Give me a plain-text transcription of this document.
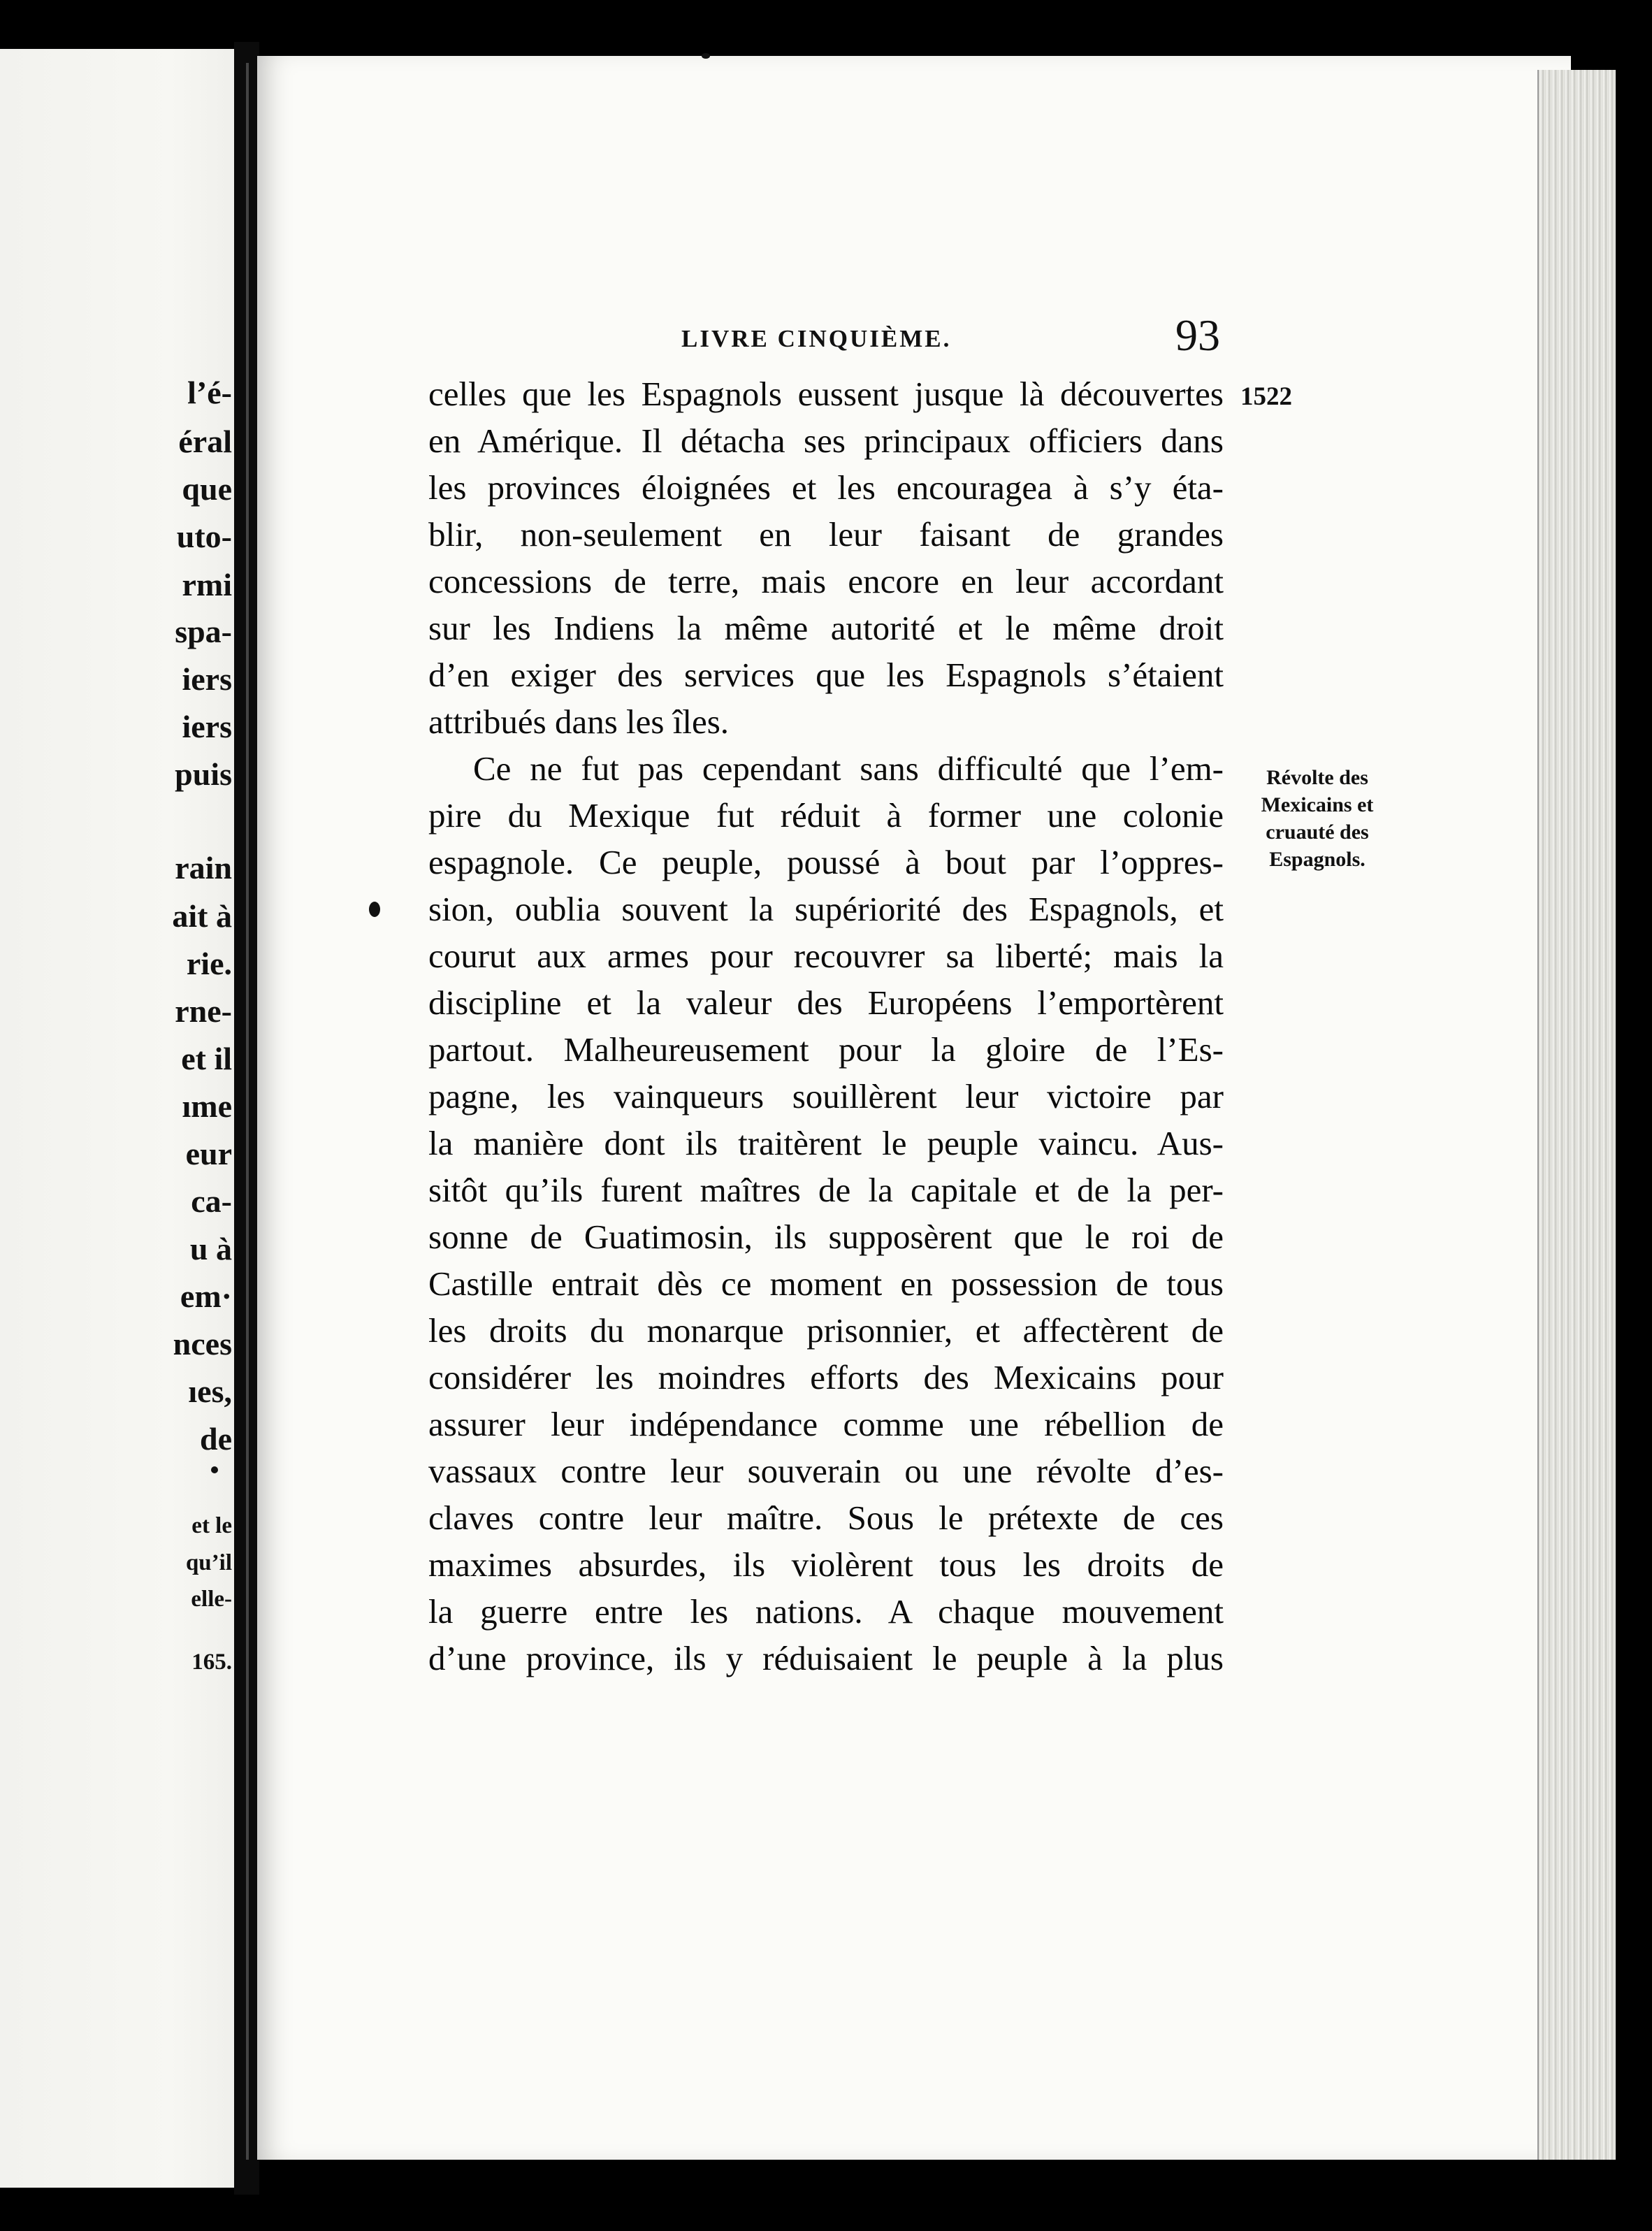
l’é-
éral
que
uto-
rmi
spa-
iers
iers
puis
rain
ait à
rie.
rne-
et il
ıme
eur
ca-
u à
em·
nces
ıes,
de
et le
qu’il
elle-
165.
LIVRE CINQUIÈME.	93
1522
Révolte des
Mexicains et
cruauté des
Espagnols.
celles que les Espagnols eussent jusque là découvertes
en Amérique. Il détacha ses principaux officiers dans
les provinces éloignées et les encouragea à s’y éta-
blir, non-seulement en leur faisant de grandes
concessions de terre, mais encore en leur accordant
sur les Indiens la même autorité et le même droit
d’en exiger des services que les Espagnols s’étaient
attribués dans les îles.
Ce ne fut pas cependant sans difficulté que l’em-
pire du Mexique fut réduit à former une colonie
espagnole. Ce peuple, poussé à bout par l’oppres-
sion, oublia souvent la supériorité des Espagnols, et
courut aux armes pour recouvrer sa liberté; mais la
discipline et la valeur des Européens l’emportèrent
partout. Malheureusement pour la gloire de l’Es-
pagne, les vainqueurs souillèrent leur victoire par
la manière dont ils traitèrent le peuple vaincu. Aus-
sitôt qu’ils furent maîtres de la capitale et de la per-
sonne de Guatimosin, ils supposèrent que le roi de
Castille entrait dès ce moment en possession de tous
les droits du monarque prisonnier, et affectèrent de
considérer les moindres efforts des Mexicains pour
assurer leur indépendance comme une rébellion de
vassaux contre leur souverain ou une révolte d’es-
claves contre leur maître. Sous le prétexte de ces
maximes absurdes, ils violèrent tous les droits de
la guerre entre les nations. A chaque mouvement
d’une province, ils y réduisaient le peuple à la plus
